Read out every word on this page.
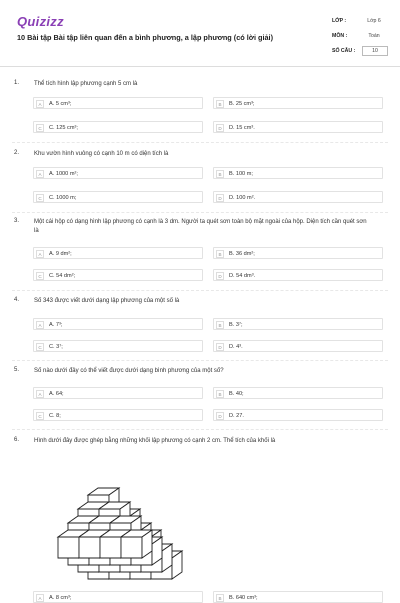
Quizizz
10 Bài tập Bài tập liên quan đến a bình phương, a lập phương (có lời giải)
LỚP :	Lớp 6
MÔN :	Toán
SỐ CÂU :	10
1. Thể tích hình lập phương cạnh 5 cm là
A	A. 5 cm³;	B	B. 25 cm³;
C	C. 125 cm³;	D	D. 15 cm³.
2. Khu vườn hình vuông có cạnh 10 m có diện tích là
A	A. 1000 m²;	B	B. 100 m;
C	C. 1000 m;	D	D. 100 m².
3. Một cái hộp có dạng hình lập phương có cạnh là 3 dm. Người ta quét sơn toàn bộ mặt ngoài của hộp. Diện tích cần quét sơn là
A	A. 9 dm²;	B	B. 36 dm²;
C	C. 54 dm²;	D	D. 54 dm³.
4. Số 343 được viết dưới dạng lập phương của một số là
A	A. 7³;	B	B. 3⁷;
C	C. 3⁷;	D	D. 4³.
5. Số nào dưới đây có thể viết được dưới dạng bình phương của một số?
A	A. 64;	B	B. 40;
C	C. 8;	D	D. 27.
6. Hình dưới đây được ghép bằng những khối lập phương có cạnh 2 cm. Thể tích của khối là
A	A. 8 cm³;	B	B. 640 cm³;
